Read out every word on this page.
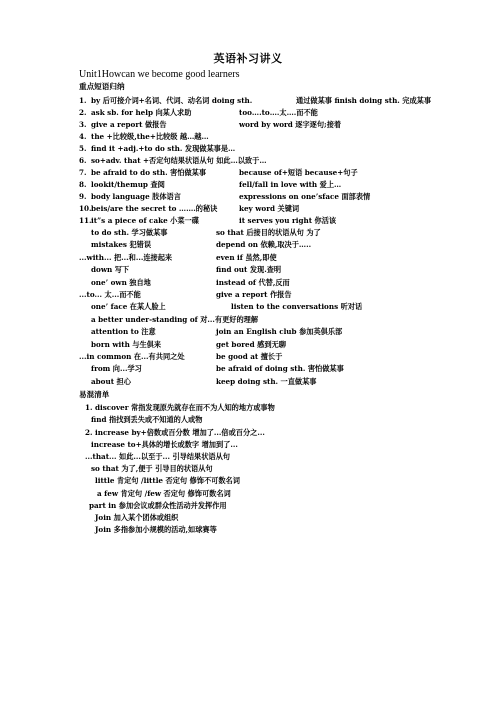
英语补习讲义
Unit1Howcan we become good learners
重点短语归纳
1. by 后可接介词+名词、代词、动名词 doing sth.	通过做某事 finish doing sth. 完成某事
2. ask sb. for help 向某人求助	too….to….太….而不能
3. give a report 做报告	word by word 逐字逐句;接着
4. the +比较级,the+比较级 越…越…
5. find it +adj.+to do sth. 发现做某事是…
6. so+adv. that +否定句结果状语从句 如此…以致于…
7. be afraid to do sth. 害怕做某事	because of+短语 because+句子
8. lookit/themup 查阅	fell/fall in love with 爱上…
9. body language 肢体语言	expressions on one’sface 面部表情
10. beis/are the secret to …….的秘诀	key word 关键词
11. it”s a piece of cake 小菜一碟	it serves you right 你活该
to do sth. 学习做某事	so that 后接目的状语从句 为了
mistakes 犯错误	depend on 依赖,取决于…..
...with... 把...和...连接起来	even if 虽然,即使
down 写下	find out 发现.查明
one’ own 独自地	instead of 代替,反而
...to... 太...而不能	give a report 作报告
one’ face 在某人脸上	listen to the conversations 听对话
a better under-standing of 对...有更好的理解
attention to 注意	join an English club 参加英俱乐部
born with 与生俱来	get bored 感到无聊
...in common 在...有共同之处	be good at 擅长于
from 向...学习	be afraid of doing sth. 害怕做某事
about 担心	keep doing sth. 一直做某事
易混清单
1. discover 常指发现原先就存在而不为人知的地方或事物
find 指找到丢失或不知道的人或物
2. increase by+倍数或百分数 增加了...倍或百分之...
increase to+具体的增长或数字 增加到了...
...that... 如此...以至于... 引导结果状语从句
so that 为了,便于 引导目的状语从句
little 肯定句 /little 否定句 修饰不可数名词
a few 肯定句 /few 否定句 修饰可数名词
part in 参加会议或群众性活动并发挥作用
Join 加入某个团体或组织
Join 多指参加小规模的活动,如球赛等
